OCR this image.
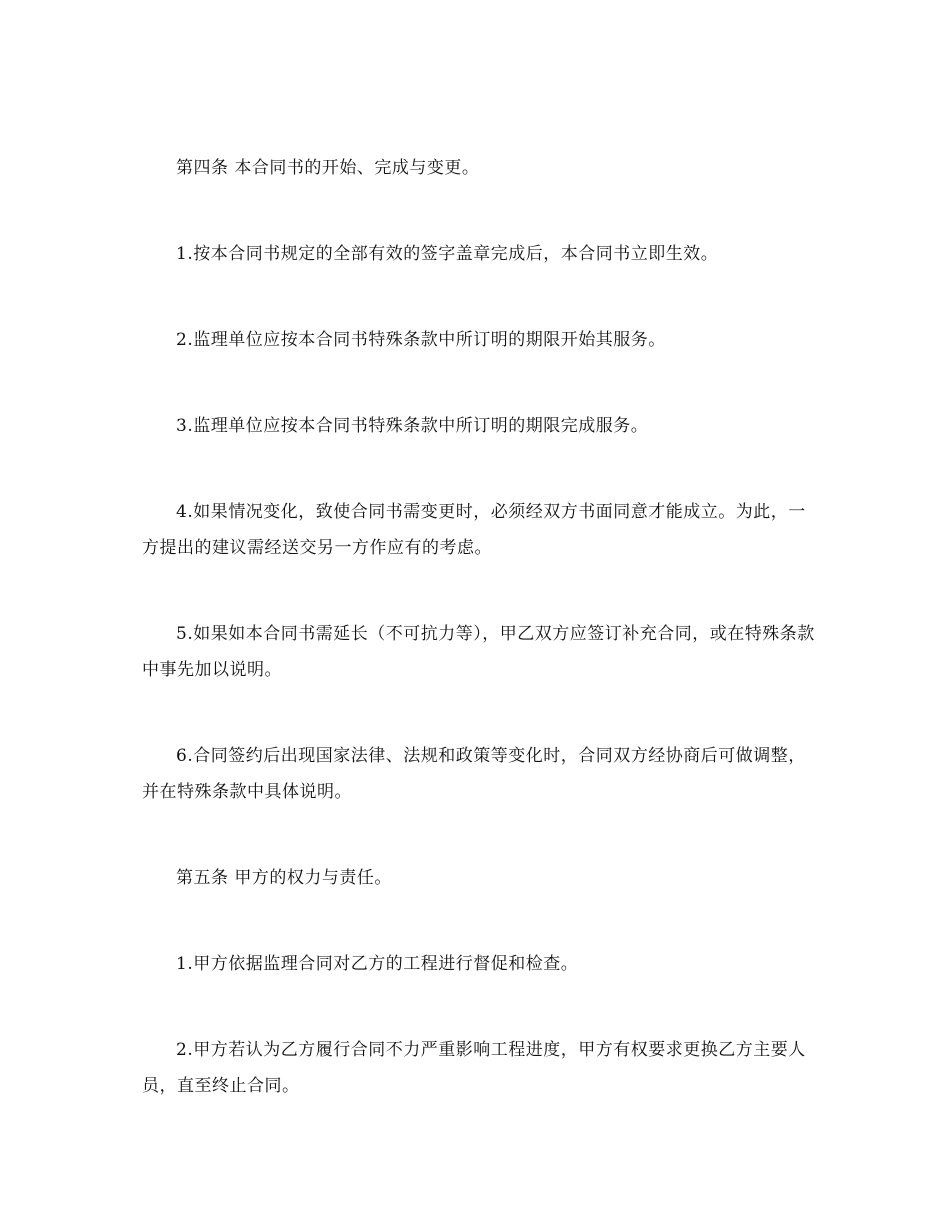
第四条 本合同书的开始、完成与变更。

1.按本合同书规定的全部有效的签字盖章完成后，本合同书立即生效。

2.监理单位应按本合同书特殊条款中所订明的期限开始其服务。

3.监理单位应按本合同书特殊条款中所订明的期限完成服务。

4.如果情况变化，致使合同书需变更时，必须经双方书面同意才能成立。为此，一方提出的建议需经送交另一方作应有的考虑。

5.如果如本合同书需延长（不可抗力等），甲乙双方应签订补充合同，或在特殊条款中事先加以说明。

6.合同签约后出现国家法律、法规和政策等变化时，合同双方经协商后可做调整，并在特殊条款中具体说明。

第五条 甲方的权力与责任。

1.甲方依据监理合同对乙方的工程进行督促和检查。

2.甲方若认为乙方履行合同不力严重影响工程进度，甲方有权要求更换乙方主要人员，直至终止合同。
